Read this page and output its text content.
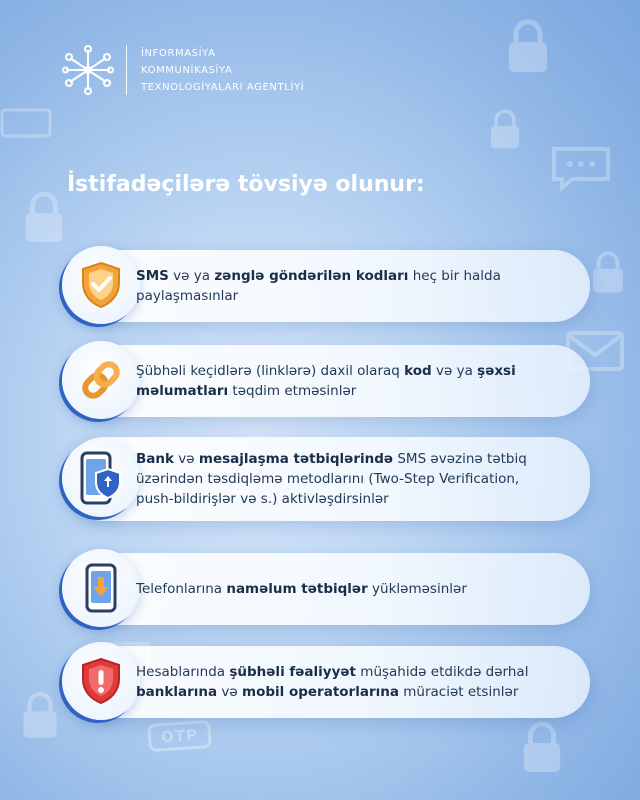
OTP
İNFORMASİYA
KOMMUNİKASİYA
TEXNOLOGİYALARI AGENTLİYİ
İstifadəçilərə tövsiyə olunur:
SMS və ya zənglə göndərilən kodları heç bir halda paylaşmasınlar
Şübhəli keçidlərə (linklərə) daxil olaraq kod və ya şəxsi məlumatları təqdim etməsinlər
Bank və mesajlaşma tətbiqlərində SMS əvəzinə tətbiq üzərindən təsdiqləmə metodlarını (Two-Step Verification, push-bildirişlər və s.) aktivləşdirsinlər
Telefonlarına naməlum tətbiqlər yükləməsinlər
Hesablarında şübhəli fəaliyyət müşahidə etdikdə dərhal banklarına və mobil operatorlarına müraciət etsinlər
